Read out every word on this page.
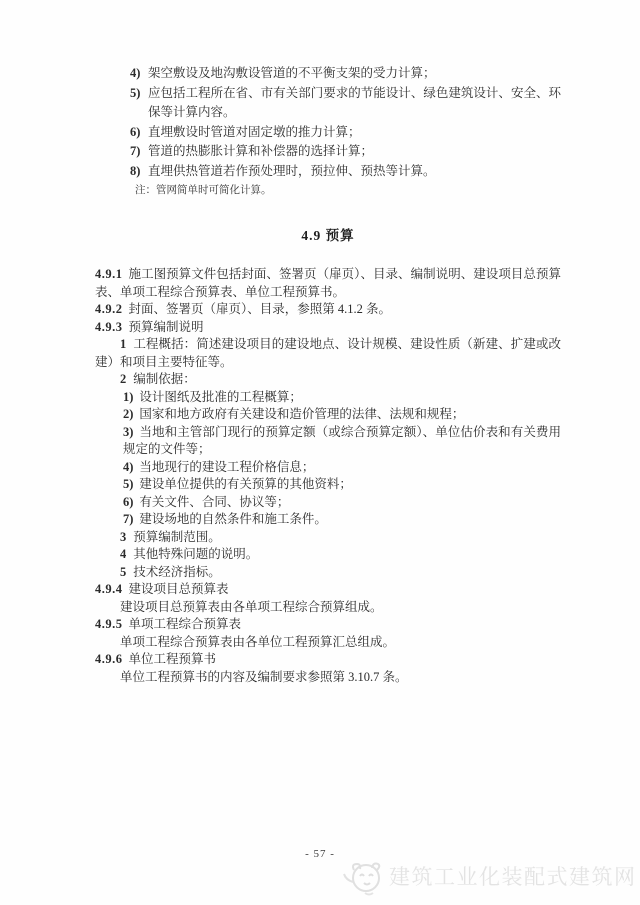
4) 架空敷设及地沟敷设管道的不平衡支架的受力计算；

5) 应包括工程所在省、市有关部门要求的节能设计、绿色建筑设计、安全、环保等计算内容。

6) 直埋敷设时管道对固定墩的推力计算；

7) 管道的热膨胀计算和补偿器的选择计算；

8) 直埋供热管道若作预处理时，预拉伸、预热等计算。

注：管网简单时可简化计算。

4.9 预算

4.9.1 施工图预算文件包括封面、签署页（扉页）、目录、编制说明、建设项目总预算表、单项工程综合预算表、单位工程预算书。

4.9.2 封面、签署页（扉页）、目录，参照第 4.1.2 条。

4.9.3 预算编制说明

1 工程概括：简述建设项目的建设地点、设计规模、建设性质（新建、扩建或改建）和项目主要特征等。

2 编制依据：

1) 设计图纸及批准的工程概算；

2) 国家和地方政府有关建设和造价管理的法律、法规和规程；

3) 当地和主管部门现行的预算定额（或综合预算定额）、单位估价表和有关费用规定的文件等；

4) 当地现行的建设工程价格信息；

5) 建设单位提供的有关预算的其他资料；

6) 有关文件、合同、协议等；

7) 建设场地的自然条件和施工条件。

3 预算编制范围。

4 其他特殊问题的说明。

5 技术经济指标。

4.9.4 建设项目总预算表

建设项目总预算表由各单项工程综合预算组成。

4.9.5 单项工程综合预算表

单项工程综合预算表由各单位工程预算汇总组成。

4.9.6 单位工程预算书

单位工程预算书的内容及编制要求参照第 3.10.7 条。

- 57 -
建筑工业化装配式建筑网
